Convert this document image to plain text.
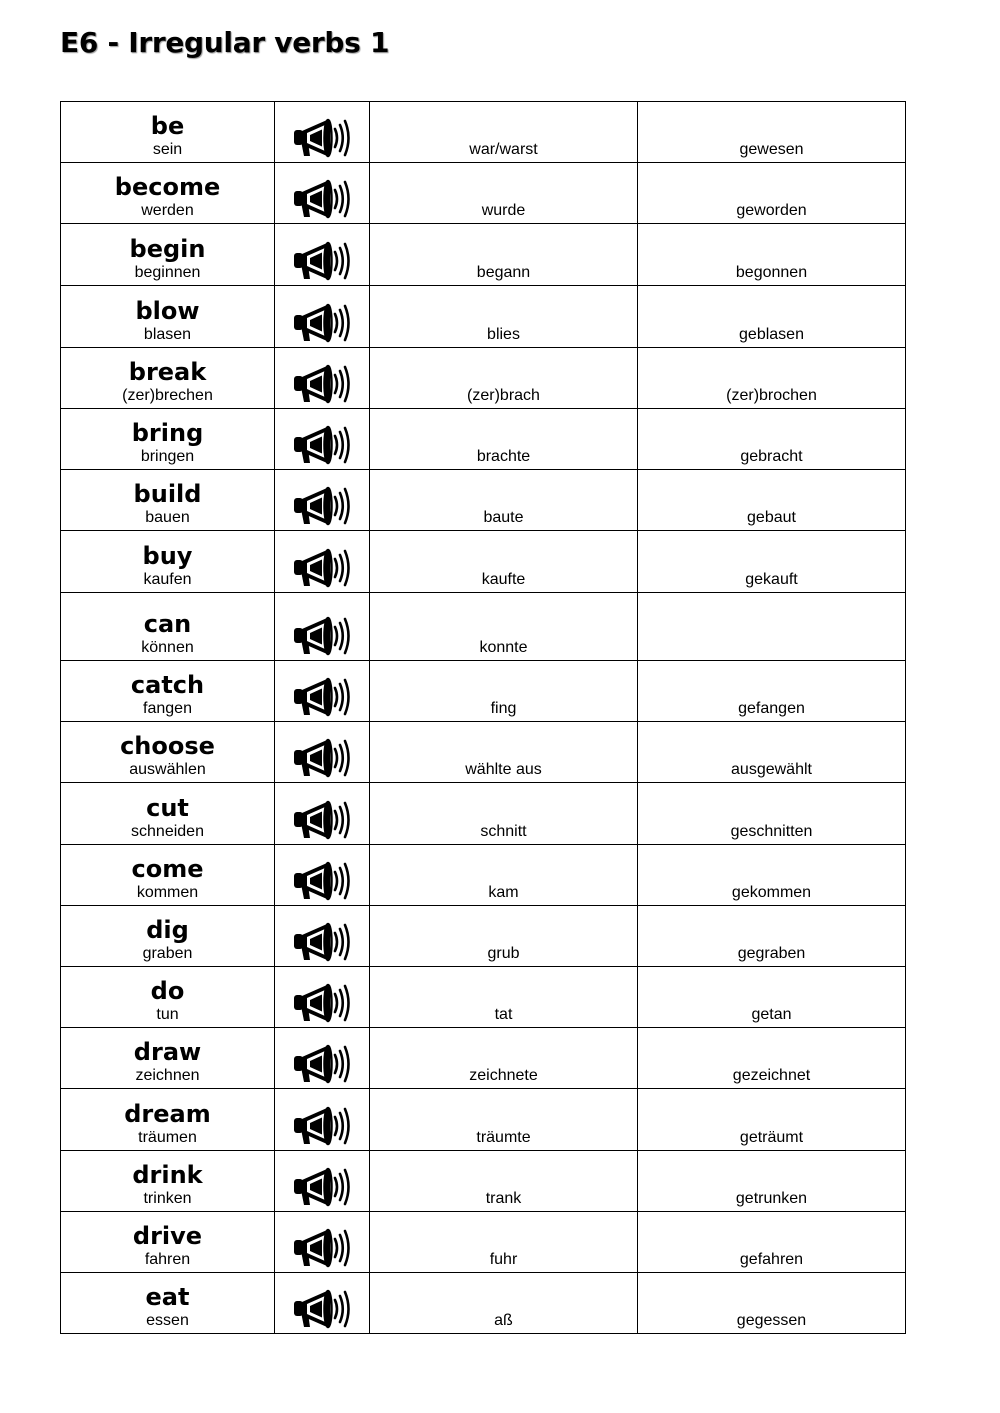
E6 - Irregular verbs 1
be
sein		war/warst	gewesen

become
werden		wurde	geworden

begin
beginnen		begann	begonnen

blow
blasen		blies	geblasen

break
(zer)brechen		(zer)brach	(zer)brochen

bring
bringen		brachte	gebracht

build
bauen		baute	gebaut

buy
kaufen		kaufte	gekauft

can
können		konnte	

catch
fangen		fing	gefangen

choose
auswählen		wählte aus	ausgewählt

cut
schneiden		schnitt	geschnitten

come
kommen		kam	gekommen

dig
graben		grub	gegraben

do
tun		tat	getan

draw
zeichnen		zeichnete	gezeichnet

dream
träumen		träumte	geträumt

drink
trinken		trank	getrunken

drive
fahren		fuhr	gefahren

eat
essen		aß	gegessen
